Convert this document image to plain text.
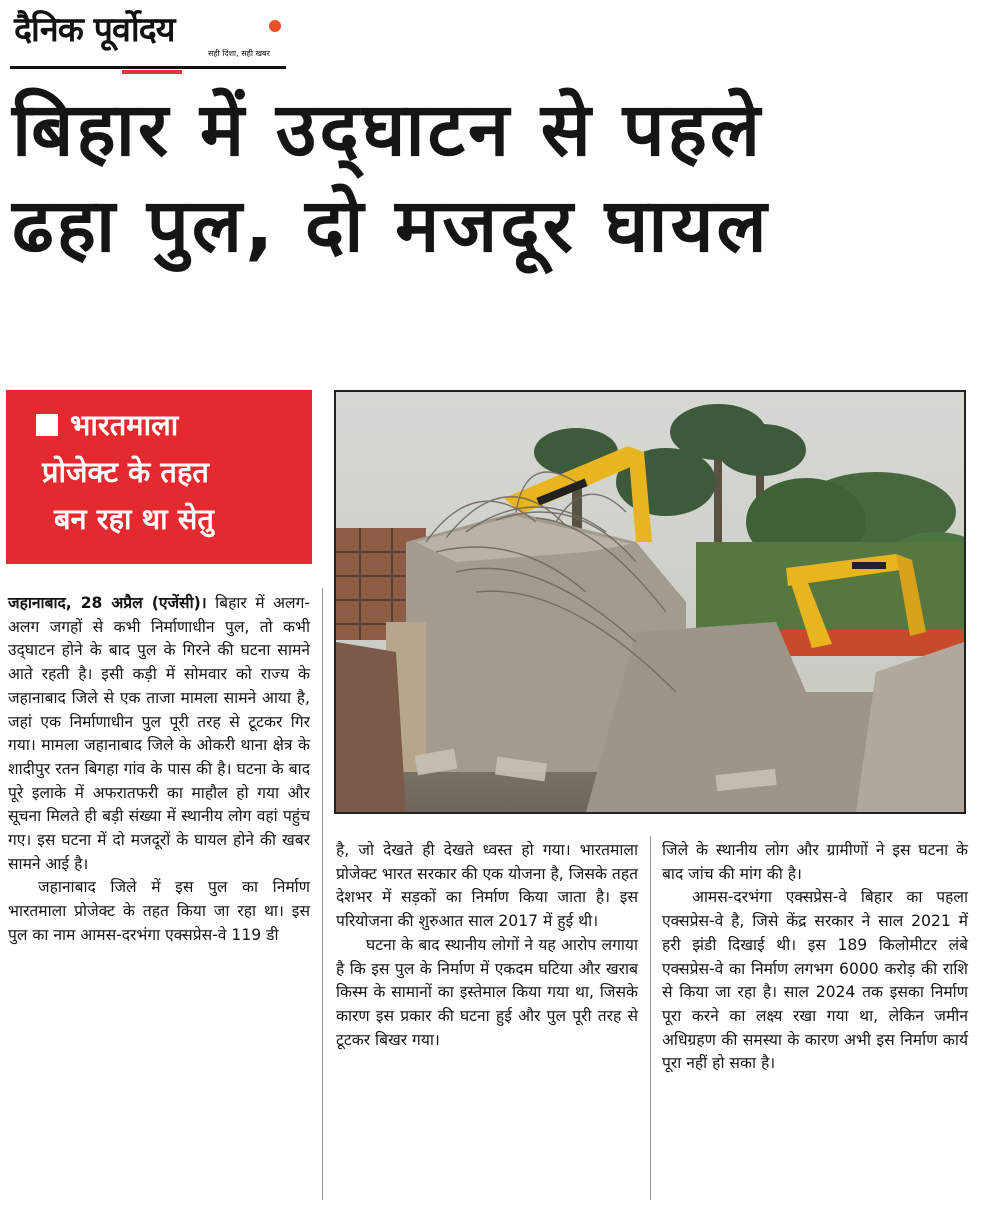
दैनिक पूर्वोदय
सही दिशा, सही खबर
बिहार में उद्‌घाटन से पहले
ढहा पुल, दो मजदूर घायल
भारतमाला
प्रोजेक्ट के तहत
बन रहा था सेतु

जहानाबाद, 28 अप्रैल (एजेंसी)। बिहार में अलग-अलग जगहों से कभी निर्माणाधीन पुल, तो कभी उद्‌घाटन होने के बाद पुल के गिरने की घटना सामने आते रहती है। इसी कड़ी में सोमवार को राज्य के जहानाबाद जिले से एक ताजा मामला सामने आया है, जहां एक निर्माणाधीन पुल पूरी तरह से टूटकर गिर गया। मामला जहानाबाद जिले के ओकरी थाना क्षेत्र के शादीपुर रतन बिगहा गांव के पास की है। घटना के बाद पूरे इलाके में अफरातफरी का माहौल हो गया और सूचना मिलते ही बड़ी संख्या में स्थानीय लोग वहां पहुंच गए। इस घटना में दो मजदूरों के घायल होने की खबर सामने आई है।

जहानाबाद जिले में इस पुल का निर्माण भारतमाला प्रोजेक्ट के तहत किया जा रहा था। इस पुल का नाम आमस-दरभंगा एक्सप्रेस-वे 119 डी

है, जो देखते ही देखते ध्वस्त हो गया। भारतमाला प्रोजेक्ट भारत सरकार की एक योजना है, जिसके तहत देशभर में सड़कों का निर्माण किया जाता है। इस परियोजना की शुरुआत साल 2017 में हुई थी।

घटना के बाद स्थानीय लोगों ने यह आरोप लगाया है कि इस पुल के निर्माण में एकदम घटिया और खराब किस्म के सामानों का इस्तेमाल किया गया था, जिसके कारण इस प्रकार की घटना हुई और पुल पूरी तरह से टूटकर बिखर गया।

जिले के स्थानीय लोग और ग्रामीणों ने इस घटना के बाद जांच की मांग की है।

आमस-दरभंगा एक्सप्रेस-वे बिहार का पहला एक्सप्रेस-वे है, जिसे केंद्र सरकार ने साल 2021 में हरी झंडी दिखाई थी। इस 189 किलोमीटर लंबे एक्सप्रेस-वे का निर्माण लगभग 6000 करोड़ की राशि से किया जा रहा है। साल 2024 तक इसका निर्माण पूरा करने का लक्ष्य रखा गया था, लेकिन जमीन अधिग्रहण की समस्या के कारण अभी इस निर्माण कार्य पूरा नहीं हो सका है।
